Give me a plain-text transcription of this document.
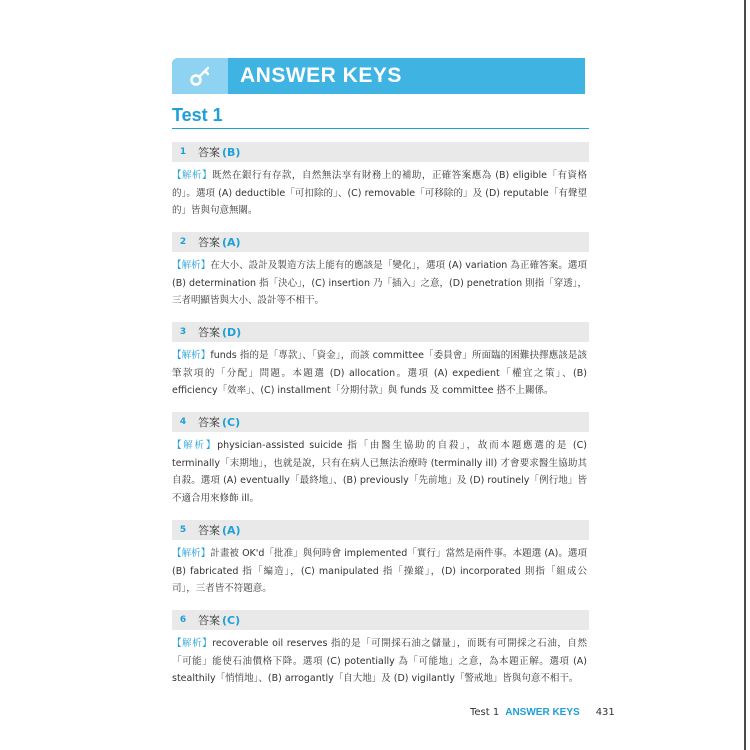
ANSWER KEYS
Test 1
1	答案 (B)
【解析】既然在銀行有存款，自然無法享有財務上的補助，正確答案應為 (B) eligible「有資格的」。選項 (A) deductible「可扣除的」、(C) removable「可移除的」及 (D) reputable「有聲望的」皆與句意無關。
2	答案 (A)
【解析】在大小、設計及製造方法上能有的應該是「變化」，選項 (A) variation 為正確答案。選項 (B) determination 指「決心」，(C) insertion 乃「插入」之意，(D) penetration 則指「穿透」，三者明顯皆與大小、設計等不相干。
3	答案 (D)
【解析】funds 指的是「專款」、「資金」，而該 committee「委員會」所面臨的困難抉擇應該是該筆款項的「分配」問題。本題選 (D) allocation。選項 (A) expedient「權宜之策」、(B) efficiency「效率」、(C) installment「分期付款」與 funds 及 committee 搭不上關係。
4	答案 (C)
【解析】physician-assisted suicide 指「由醫生協助的自殺」，故而本題應選的是 (C) terminally「末期地」，也就是說，只有在病人已無法治療時 (terminally ill) 才會要求醫生協助其自殺。選項 (A) eventually「最終地」、(B) previously「先前地」及 (D) routinely「例行地」皆不適合用來修飾 ill。
5	答案 (A)
【解析】計畫被 OK'd「批准」與何時會 implemented「實行」當然是兩件事。本題選 (A)。選項 (B) fabricated 指「編造」，(C) manipulated 指「操縱」，(D) incorporated 則指「組成公司」，三者皆不符題意。
6	答案 (C)
【解析】recoverable oil reserves 指的是「可開採石油之儲量」，而既有可開採之石油，自然「可能」能使石油價格下降。選項 (C) potentially 為「可能地」之意，為本題正解。選項 (A) stealthily「悄悄地」、(B) arrogantly「自大地」及 (D) vigilantly「警戒地」皆與句意不相干。
Test 1 ANSWER KEYS 431
